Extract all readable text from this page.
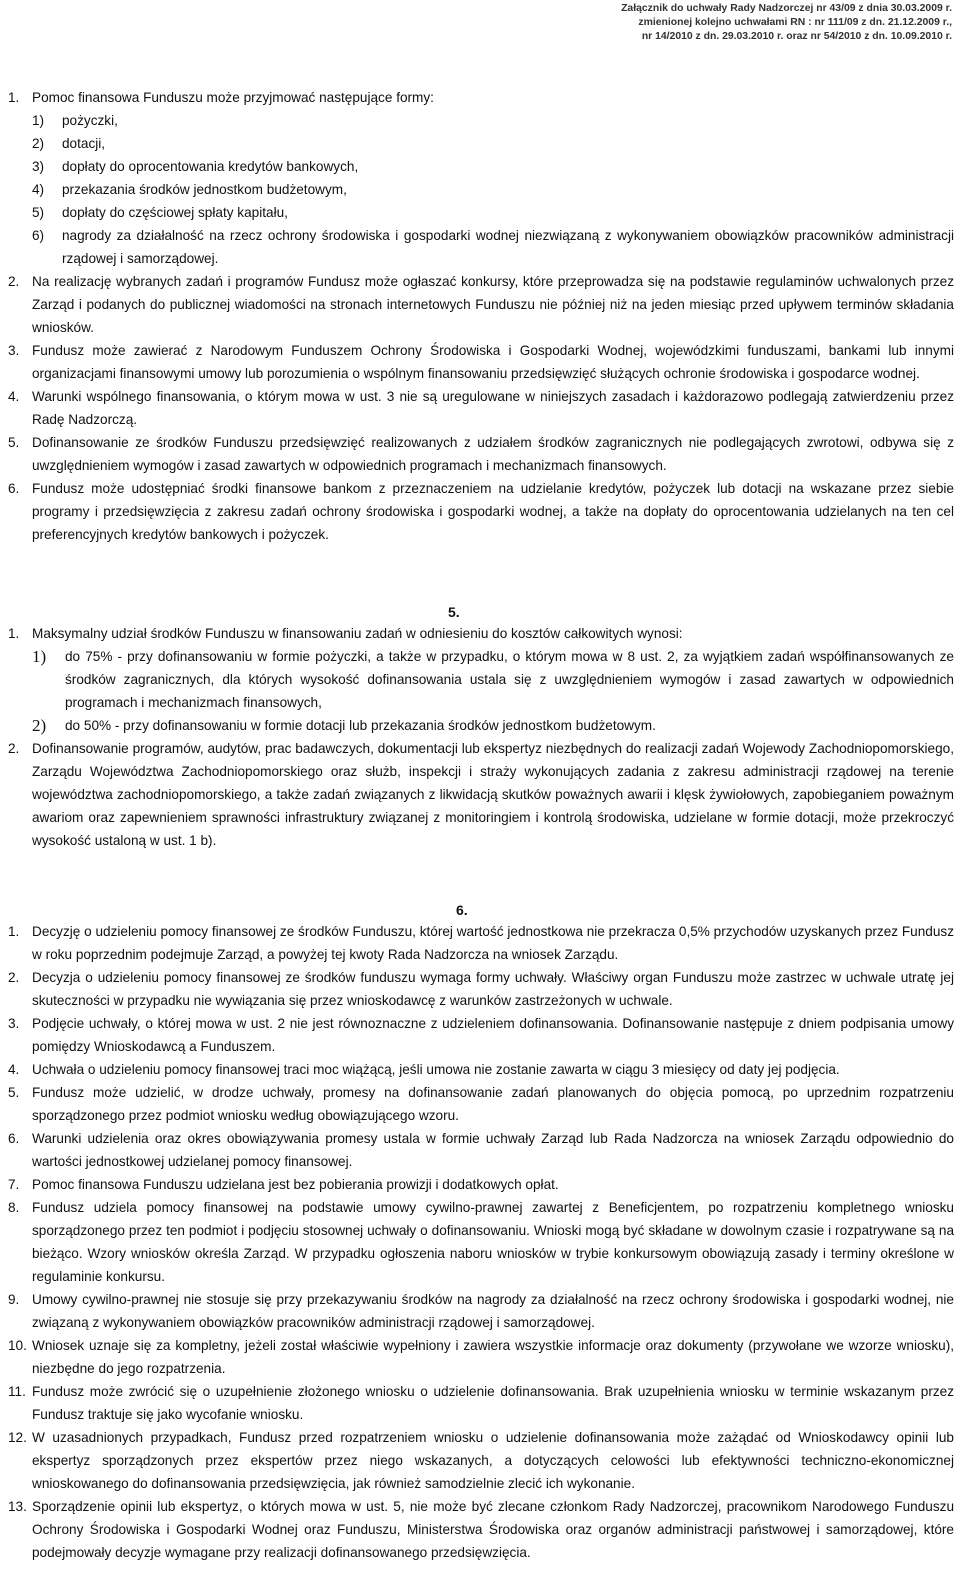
Załącznik do uchwały Rady Nadzorczej nr 43/09 z dnia 30.03.2009 r.
zmienionej kolejno uchwałami RN : nr 111/09 z dn. 21.12.2009 r.,
nr 14/2010 z dn. 29.03.2010 r. oraz nr 54/2010 z dn. 10.09.2010 r.
1. Pomoc finansowa Funduszu może przyjmować następujące formy:
1)	pożyczki,
2)	dotacji,
3)	dopłaty do oprocentowania kredytów bankowych,
4)	przekazania środków jednostkom budżetowym,
5)	dopłaty do częściowej spłaty kapitału,
6)	nagrody za działalność na rzecz ochrony środowiska i gospodarki wodnej niezwiązaną z wykonywaniem obowiązków pracowników administracji rządowej i samorządowej.
2. Na realizację wybranych zadań i programów Fundusz może ogłaszać konkursy, które przeprowadza się na podstawie regulaminów uchwalonych przez Zarząd i podanych do publicznej wiadomości na stronach internetowych Funduszu nie później niż na jeden miesiąc przed upływem terminów składania wniosków.
3. Fundusz może zawierać z Narodowym Funduszem Ochrony Środowiska i Gospodarki Wodnej, wojewódzkimi funduszami, bankami lub innymi organizacjami finansowymi umowy lub porozumienia o wspólnym finansowaniu przedsięwzięć służących ochronie środowiska i gospodarce wodnej.
4. Warunki wspólnego finansowania, o którym mowa w ust. 3 nie są uregulowane w niniejszych zasadach i każdorazowo podlegają zatwierdzeniu przez Radę Nadzorczą.
5. Dofinansowanie ze środków Funduszu przedsięwzięć realizowanych z udziałem środków zagranicznych nie podlegających zwrotowi, odbywa się z uwzględnieniem wymogów i zasad zawartych w odpowiednich programach i mechanizmach finansowych.
6. Fundusz może udostępniać środki finansowe bankom z przeznaczeniem na udzielanie kredytów, pożyczek lub dotacji na wskazane przez siebie programy i przedsięwzięcia z zakresu zadań ochrony środowiska i gospodarki wodnej, a także na dopłaty do oprocentowania udzielanych na ten cel preferencyjnych kredytów bankowych i pożyczek.
5.
1. Maksymalny udział środków Funduszu w finansowaniu zadań w odniesieniu do kosztów całkowitych wynosi:
1)	do 75% - przy dofinansowaniu w formie pożyczki, a także w przypadku, o którym mowa w 8 ust. 2, za wyjątkiem zadań współfinansowanych ze środków zagranicznych, dla których wysokość dofinansowania ustala się z uwzględnieniem wymogów i zasad zawartych w odpowiednich programach i mechanizmach finansowych,
2)	do 50% - przy dofinansowaniu w formie dotacji lub przekazania środków jednostkom budżetowym.
2. Dofinansowanie programów, audytów, prac badawczych, dokumentacji lub ekspertyz niezbędnych do realizacji zadań Wojewody Zachodniopomorskiego, Zarządu Województwa Zachodniopomorskiego oraz służb, inspekcji i straży wykonujących zadania z zakresu administracji rządowej na terenie województwa zachodniopomorskiego, a także zadań związanych z likwidacją skutków poważnych awarii i klęsk żywiołowych, zapobieganiem poważnym awariom oraz zapewnieniem sprawności infrastruktury związanej z monitoringiem i kontrolą środowiska, udzielane w formie dotacji, może przekroczyć wysokość ustaloną w ust. 1 b).
6.
1. Decyzję o udzieleniu pomocy finansowej ze środków Funduszu, której wartość jednostkowa nie przekracza 0,5% przychodów uzyskanych przez Fundusz w roku poprzednim podejmuje Zarząd, a powyżej tej kwoty Rada Nadzorcza na wniosek Zarządu.
2. Decyzja o udzieleniu pomocy finansowej ze środków funduszu wymaga formy uchwały. Właściwy organ Funduszu może zastrzec w uchwale utratę jej skuteczności w przypadku nie wywiązania się przez wnioskodawcę z warunków zastrzeżonych w uchwale.
3. Podjęcie uchwały, o której mowa w ust. 2 nie jest równoznaczne z udzieleniem dofinansowania. Dofinansowanie następuje z dniem podpisania umowy pomiędzy Wnioskodawcą a Funduszem.
4. Uchwała o udzieleniu pomocy finansowej traci moc wiążącą, jeśli umowa nie zostanie zawarta w ciągu 3 miesięcy od daty jej podjęcia.
5. Fundusz może udzielić, w drodze uchwały, promesy na dofinansowanie zadań planowanych do objęcia pomocą, po uprzednim rozpatrzeniu sporządzonego przez podmiot wniosku według obowiązującego wzoru.
6. Warunki udzielenia oraz okres obowiązywania promesy ustala w formie uchwały Zarząd lub Rada Nadzorcza na wniosek Zarządu odpowiednio do wartości jednostkowej udzielanej pomocy finansowej.
7. Pomoc finansowa Funduszu udzielana jest bez pobierania prowizji i dodatkowych opłat.
8. Fundusz udziela pomocy finansowej na podstawie umowy cywilno-prawnej zawartej z Beneficjentem, po rozpatrzeniu kompletnego wniosku sporządzonego przez ten podmiot i podjęciu stosownej uchwały o dofinansowaniu. Wnioski mogą być składane w dowolnym czasie i rozpatrywane są na bieżąco. Wzory wniosków określa Zarząd. W przypadku ogłoszenia naboru wniosków w trybie konkursowym obowiązują zasady i terminy określone w regulaminie konkursu.
9. Umowy cywilno-prawnej nie stosuje się przy przekazywaniu środków na nagrody za działalność na rzecz ochrony środowiska i gospodarki wodnej, nie związaną z wykonywaniem obowiązków pracowników administracji rządowej i samorządowej.
10. Wniosek uznaje się za kompletny, jeżeli został właściwie wypełniony i zawiera wszystkie informacje oraz dokumenty (przywołane we wzorze wniosku), niezbędne do jego rozpatrzenia.
11. Fundusz może zwrócić się o uzupełnienie złożonego wniosku o udzielenie dofinansowania. Brak uzupełnienia wniosku w terminie wskazanym przez Fundusz traktuje się jako wycofanie wniosku.
12. W uzasadnionych przypadkach, Fundusz przed rozpatrzeniem wniosku o udzielenie dofinansowania może zażądać od Wnioskodawcy opinii lub ekspertyz sporządzonych przez ekspertów przez niego wskazanych, a dotyczących celowości lub efektywności techniczno-ekonomicznej wnioskowanego do dofinansowania przedsięwzięcia, jak również samodzielnie zlecić ich wykonanie.
13. Sporządzenie opinii lub ekspertyz, o których mowa w ust. 5, nie może być zlecane członkom Rady Nadzorczej, pracownikom Narodowego Funduszu Ochrony Środowiska i Gospodarki Wodnej oraz Funduszu, Ministerstwa Środowiska oraz organów administracji państwowej i samorządowej, które podejmowały decyzje wymagane przy realizacji dofinansowanego przedsięwzięcia.
